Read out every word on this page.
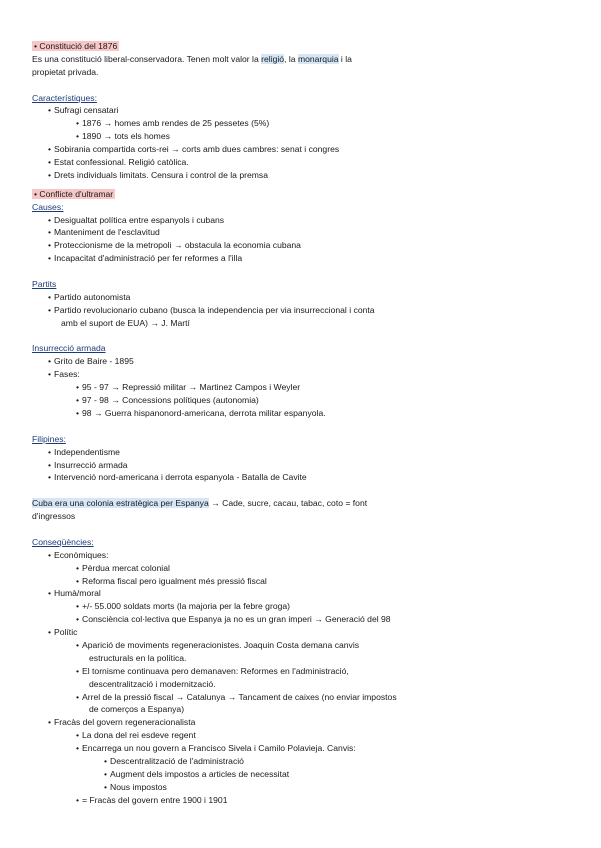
• Constitució del 1876
Es una constitució liberal-conservadora. Tenen molt valor la religió, la monarquia i la
propietat privada.
Característiques:
• Sufragi censatari
• 1876 → homes amb rendes de 25 pessetes (5%)
• 1890 → tots els homes
• Sobirania compartida corts-rei → corts amb dues cambres: senat i congres
• Estat confessional. Religió catòlica.
• Drets individuals limitats. Censura i control de la premsa
• Conflicte d'ultramar
Causes:
• Desigualtat política entre espanyols i cubans
• Manteniment de l'esclavitud
• Proteccionisme de la metropoli → obstacula la economia cubana
• Incapacitat d'administració per fer reformes a l'illa
Partits
• Partido autonomista
• Partido revolucionario cubano (busca la independencia per via insurreccional i conta
amb el suport de EUA) → J. Martí
Insurrecció armada
• Grito de Baire - 1895
• Fases:
• 95 - 97 → Repressió militar → Martinez Campos i Weyler
• 97 - 98 → Concessions polítiques (autonomia)
• 98 → Guerra hispanonord-americana, derrota militar espanyola.
Filipines:
• Independentisme
• Insurrecció armada
• Intervenció nord-americana i derrota espanyola - Batalla de Cavite
Cuba era una colonia estratègica per Espanya → Cade, sucre, cacau, tabac, coto = font
d'ingressos
Conseqüències:
• Econòmiques:
• Pèrdua mercat colonial
• Reforma fiscal pero igualment més pressió fiscal
• Humà/moral
• +/- 55.000 soldats morts (la majoria per la febre groga)
• Consciència col·lectiva que Espanya ja no es un gran imperi → Generació del 98
• Polític
• Aparició de moviments regeneracionistes. Joaquin Costa demana canvis
estructurals en la política.
• El tornisme continuava pero demanaven: Reformes en l'administració,
descentralització i modernització.
• Arrel de la pressió fiscal → Catalunya → Tancament de caixes (no enviar impostos
de comerços a Espanya)
• Fracàs del govern regeneracionalista
• La dona del rei esdeve regent
• Encarrega un nou govern a Francisco Sivela i Camilo Polavieja. Canvis:
• Descentralització de l'administració
• Augment dels impostos a articles de necessitat
• Nous impostos
• = Fracàs del govern entre 1900 i 1901
